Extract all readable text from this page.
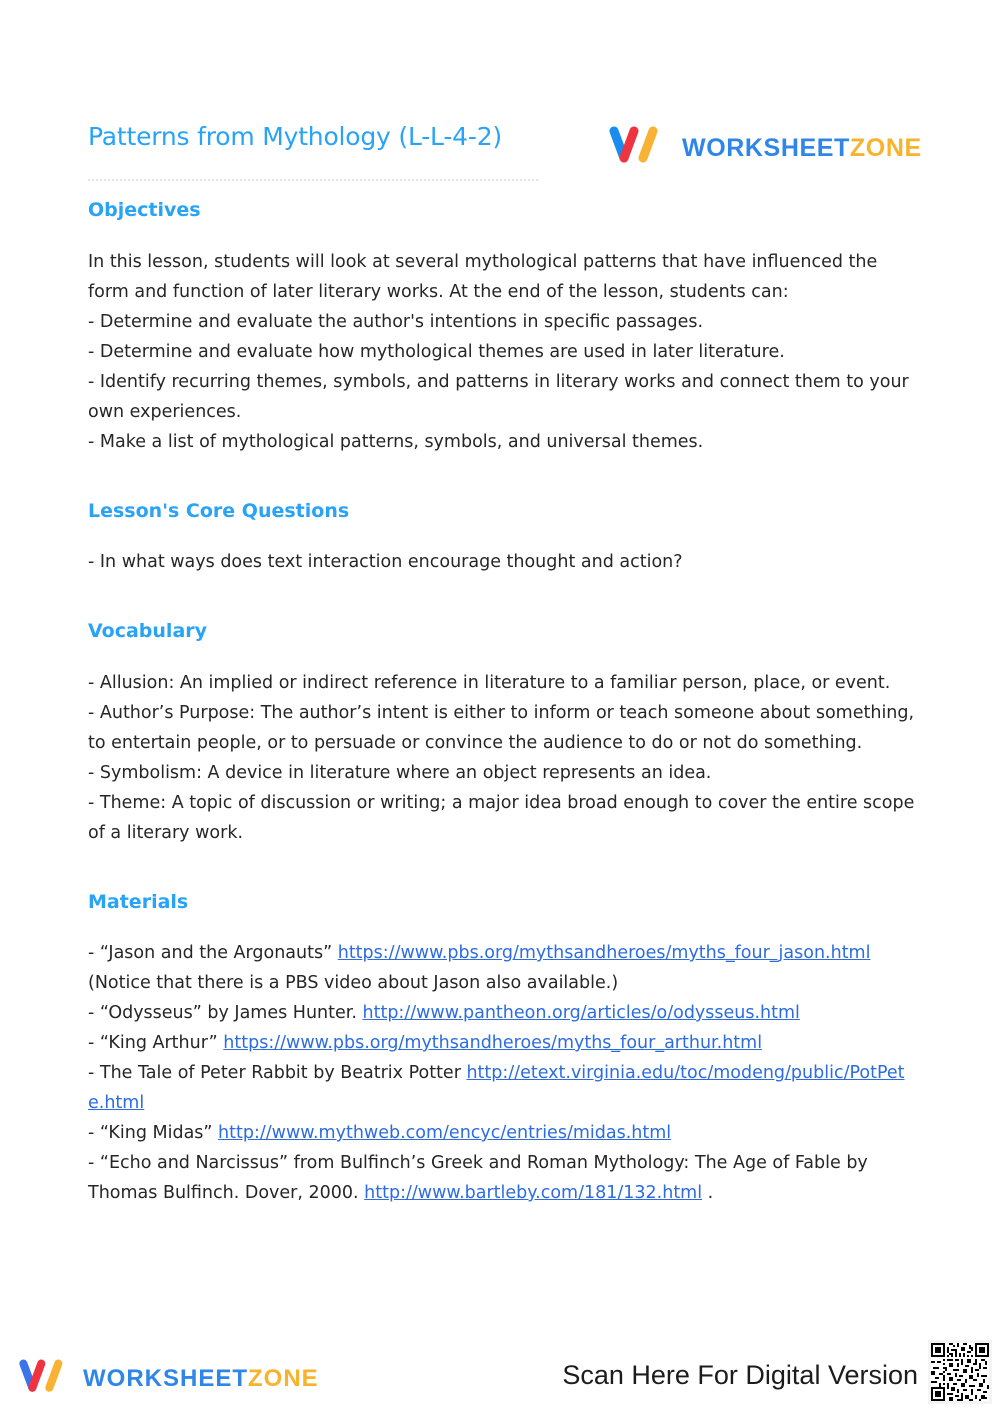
Patterns from Mythology (L-L-4-2)	WORKSHEETZONE
Objectives

In this lesson, students will look at several mythological patterns that have influenced the form and function of later literary works. At the end of the lesson, students can:

- Determine and evaluate the author's intentions in specific passages.

- Determine and evaluate how mythological themes are used in later literature.

- Identify recurring themes, symbols, and patterns in literary works and connect them to your own experiences.

- Make a list of mythological patterns, symbols, and universal themes.

Lesson's Core Questions

- In what ways does text interaction encourage thought and action?

Vocabulary

- Allusion: An implied or indirect reference in literature to a familiar person, place, or event.

- Author’s Purpose: The author’s intent is either to inform or teach someone about something, to entertain people, or to persuade or convince the audience to do or not do something.

- Symbolism: A device in literature where an object represents an idea.

- Theme: A topic of discussion or writing; a major idea broad enough to cover the entire scope of a literary work.

Materials

- “Jason and the Argonauts” https://www.pbs.org/mythsandheroes/myths_four_jason.html (Notice that there is a PBS video about Jason also available.)

- “Odysseus” by James Hunter. http://www.pantheon.org/articles/o/odysseus.html

- “King Arthur” https://www.pbs.org/mythsandheroes/myths_four_arthur.html

- The Tale of Peter Rabbit by Beatrix Potter http://etext.virginia.edu/toc/modeng/public/PotPete.html

- “King Midas” http://www.mythweb.com/encyc/entries/midas.html

- “Echo and Narcissus” from Bulfinch’s Greek and Roman Mythology: The Age of Fable by Thomas Bulfinch. Dover, 2000. http://www.bartleby.com/181/132.html .

WORKSHEETZONE	Scan Here For Digital Version
